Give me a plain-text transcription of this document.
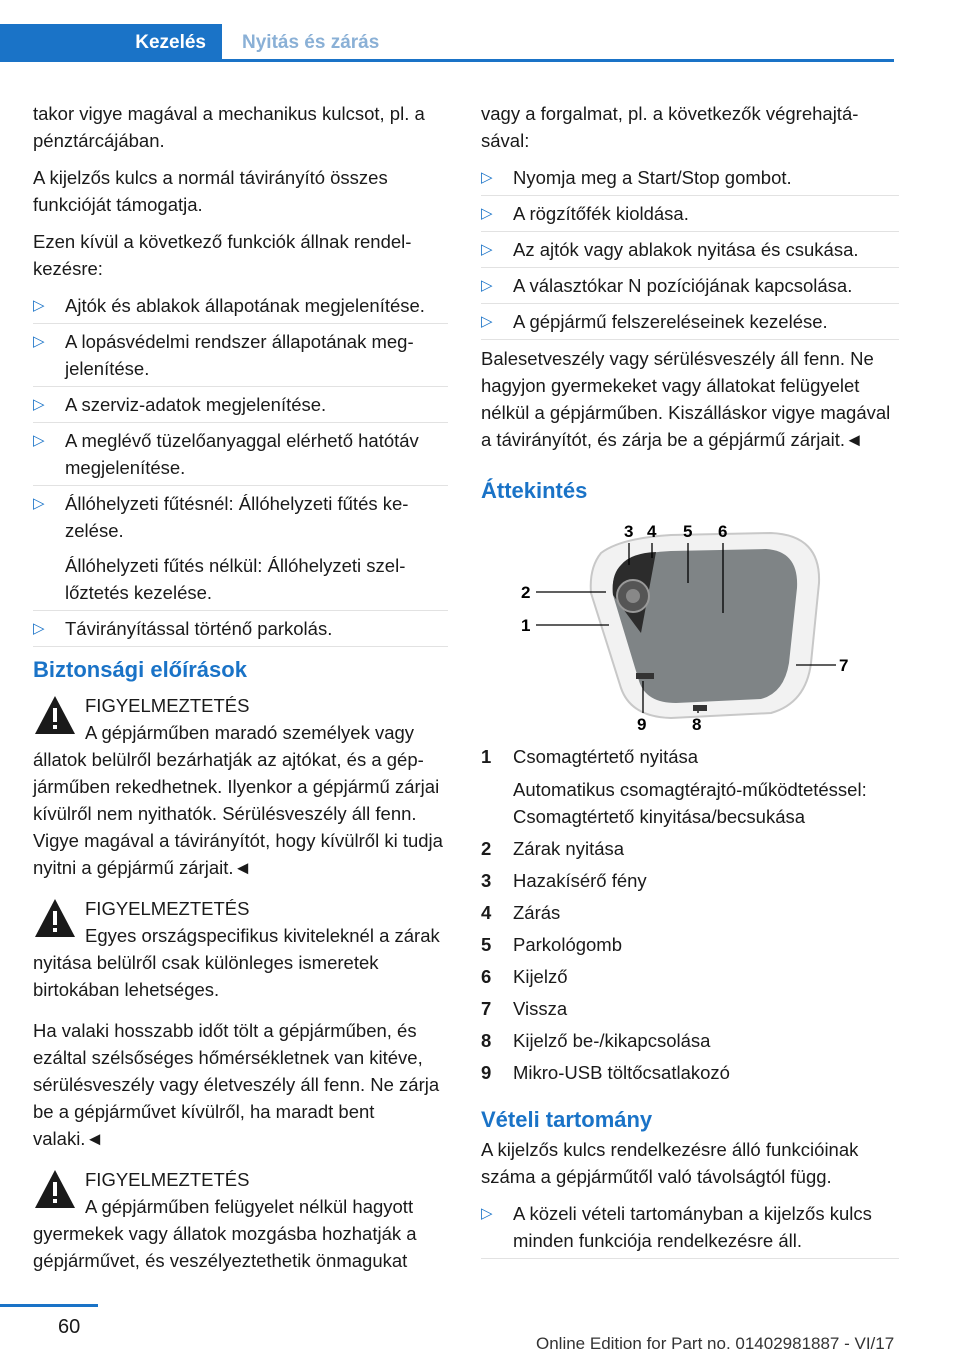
Kezelés	Nyitás és zárás

takor vigye magával a mechanikus kulcsot, pl. a pénztárcájában.

A kijelzős kulcs a normál távirányító összes funkcióját támogatja.

Ezen kívül a következő funkciók állnak rendelkezésre:

▷ Ajtók és ablakok állapotának megjelenítése.
▷ A lopásvédelmi rendszer állapotának megjelenítése.
▷ A szerviz-adatok megjelenítése.
▷ A meglévő tüzelőanyaggal elérhető hatótáv megjelenítése.
▷ Állóhelyzeti fűtésnél: Állóhelyzeti fűtés kezelése.
Állóhelyzeti fűtés nélkül: Állóhelyzeti szellőztetés kezelése.
▷ Távirányítással történő parkolás.
Biztonsági előírások
FIGYELMEZTETÉS
A gépjárműben maradó személyek vagy állatok belülről bezárhatják az ajtókat, és a gépjárműben rekedhetnek. Ilyenkor a gépjármű zárjai kívülről nem nyithatók. Sérülésveszély áll fenn. Vigye magával a távirányítót, hogy kívülről ki tudja nyitni a gépjármű zárjait.◄
FIGYELMEZTETÉS
Egyes országspecifikus kiviteleknél a zárak nyitása belülről csak különleges ismeretek birtokában lehetséges.

Ha valaki hosszabb időt tölt a gépjárműben, és ezáltal szélsőséges hőmérsékletnek van kitéve, sérülésveszély vagy életveszély áll fenn. Ne zárja be a gépjárművet kívülről, ha maradt bent valaki.◄

FIGYELMEZTETÉS
A gépjárműben felügyelet nélkül hagyott gyermekek vagy állatok mozgásba hozhatják a gépjárművet, és veszélyeztethetik önmagukat

vagy a forgalmat, pl. a következők végrehajtásával:

▷ Nyomja meg a Start/Stop gombot.
▷ A rögzítőfék kioldása.
▷ Az ajtók vagy ablakok nyitása és csukása.
▷ A választókar N pozíciójának kapcsolása.
▷ A gépjármű felszereléseinek kezelése.

Balesetveszély vagy sérülésveszély áll fenn. Ne hagyjon gyermekeket vagy állatokat felügyelet nélkül a gépjárműben. Kiszálláskor vigye magával a távirányítót, és zárja be a gépjármű zárjait.◄

Áttekintés
3 4 5 6
2
1
7
9	8
1 Csomagtértető nyitása
Automatikus csomagtérajtó-működtetéssel: Csomagtértető kinyitása/becsukása
2 Zárak nyitása
3 Hazakísérő fény
4 Zárás
5 Parkológomb
6 Kijelző
7 Vissza
8 Kijelző be-/kikapcsolása
9 Mikro-USB töltőcsatlakozó
Vételi tartomány

A kijelzős kulcs rendelkezésre álló funkcióinak száma a gépjárműtől való távolságtól függ.

▷ A közeli vételi tartományban a kijelzős kulcs minden funkciója rendelkezésre áll.
60
Online Edition for Part no. 01402981887 - VI/17
